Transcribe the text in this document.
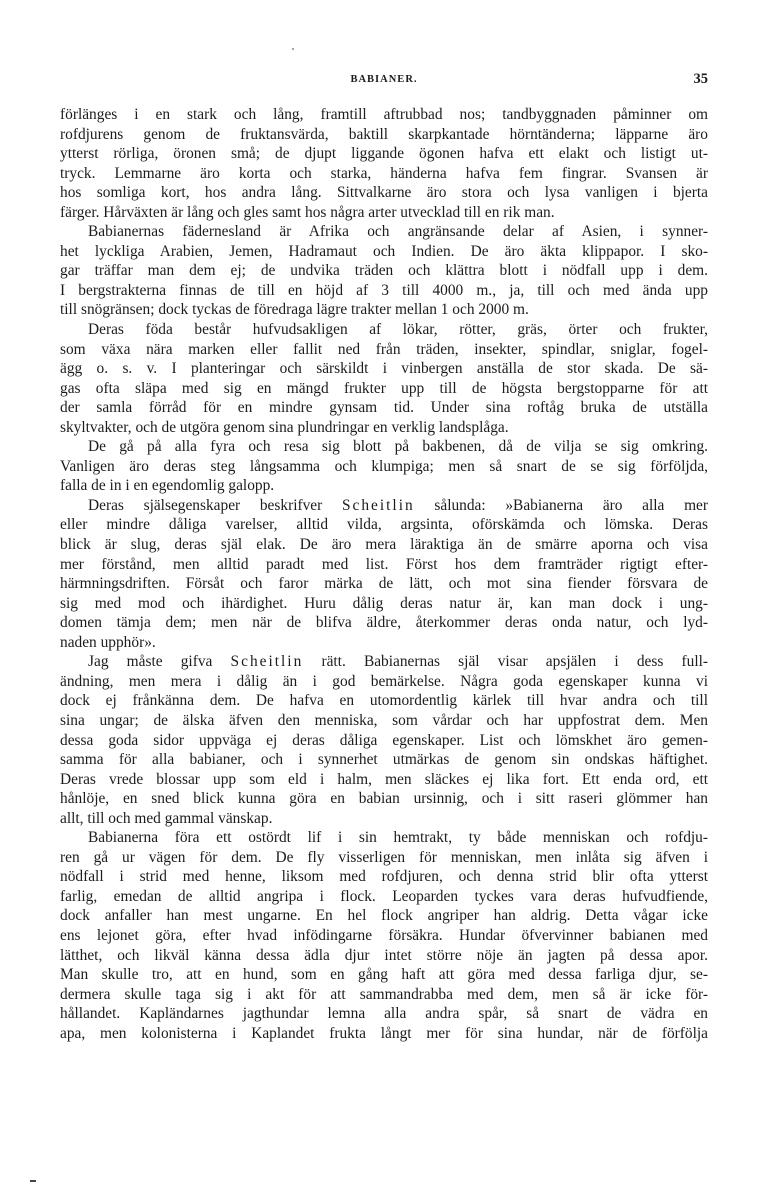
BABIANER.	35
förlänges i en stark och lång, framtill aftrubbad nos; tandbyggnaden påminner om
rofdjurens genom de fruktansvärda, baktill skarpkantade hörntänderna; läpparne äro
ytterst rörliga, öronen små; de djupt liggande ögonen hafva ett elakt och listigt ut-
tryck. Lemmarne äro korta och starka, händerna hafva fem fingrar. Svansen är
hos somliga kort, hos andra lång. Sittvalkarne äro stora och lysa vanligen i bjerta
färger. Hårväxten är lång och gles samt hos några arter utvecklad till en rik man.
Babianernas fädernesland är Afrika och angränsande delar af Asien, i synner-
het lyckliga Arabien, Jemen, Hadramaut och Indien. De äro äkta klippapor. I sko-
gar träffar man dem ej; de undvika träden och klättra blott i nödfall upp i dem.
I bergstrakterna finnas de till en höjd af 3 till 4000 m., ja, till och med ända upp
till snögränsen; dock tyckas de föredraga lägre trakter mellan 1 och 2000 m.
Deras föda består hufvudsakligen af lökar, rötter, gräs, örter och frukter,
som växa nära marken eller fallit ned från träden, insekter, spindlar, sniglar, fogel-
ägg o. s. v. I planteringar och särskildt i vinbergen anställa de stor skada. De sä-
gas ofta släpa med sig en mängd frukter upp till de högsta bergstopparne för att
der samla förråd för en mindre gynsam tid. Under sina roftåg bruka de utställa
skyltvakter, och de utgöra genom sina plundringar en verklig landsplåga.
De gå på alla fyra och resa sig blott på bakbenen, då de vilja se sig omkring.
Vanligen äro deras steg långsamma och klumpiga; men så snart de se sig förföljda,
falla de in i en egendomlig galopp.
Deras själsegenskaper beskrifver Scheitlin sålunda: »Babianerna äro alla mer
eller mindre dåliga varelser, alltid vilda, argsinta, oförskämda och lömska. Deras
blick är slug, deras själ elak. De äro mera läraktiga än de smärre aporna och visa
mer förstånd, men alltid paradt med list. Först hos dem framträder rigtigt efter-
härmningsdriften. Försåt och faror märka de lätt, och mot sina fiender försvara de
sig med mod och ihärdighet. Huru dålig deras natur är, kan man dock i ung-
domen tämja dem; men när de blifva äldre, återkommer deras onda natur, och lyd-
naden upphör».
Jag måste gifva Scheitlin rätt. Babianernas själ visar apsjälen i dess full-
ändning, men mera i dålig än i god bemärkelse. Några goda egenskaper kunna vi
dock ej frånkänna dem. De hafva en utomordentlig kärlek till hvar andra och till
sina ungar; de älska äfven den menniska, som vårdar och har uppfostrat dem. Men
dessa goda sidor uppväga ej deras dåliga egenskaper. List och lömskhet äro gemen-
samma för alla babianer, och i synnerhet utmärkas de genom sin ondskas häftighet.
Deras vrede blossar upp som eld i halm, men släckes ej lika fort. Ett enda ord, ett
hånlöje, en sned blick kunna göra en babian ursinnig, och i sitt raseri glömmer han
allt, till och med gammal vänskap.
Babianerna föra ett ostördt lif i sin hemtrakt, ty både menniskan och rofdju-
ren gå ur vägen för dem. De fly visserligen för menniskan, men inlåta sig äfven i
nödfall i strid med henne, liksom med rofdjuren, och denna strid blir ofta ytterst
farlig, emedan de alltid angripa i flock. Leoparden tyckes vara deras hufvudfiende,
dock anfaller han mest ungarne. En hel flock angriper han aldrig. Detta vågar icke
ens lejonet göra, efter hvad infödingarne försäkra. Hundar öfvervinner babianen med
lätthet, och likväl känna dessa ädla djur intet större nöje än jagten på dessa apor.
Man skulle tro, att en hund, som en gång haft att göra med dessa farliga djur, se-
dermera skulle taga sig i akt för att sammandrabba med dem, men så är icke för-
hållandet. Kapländarnes jagthundar lemna alla andra spår, så snart de vädra en
apa, men kolonisterna i Kaplandet frukta långt mer för sina hundar, när de förfölja
